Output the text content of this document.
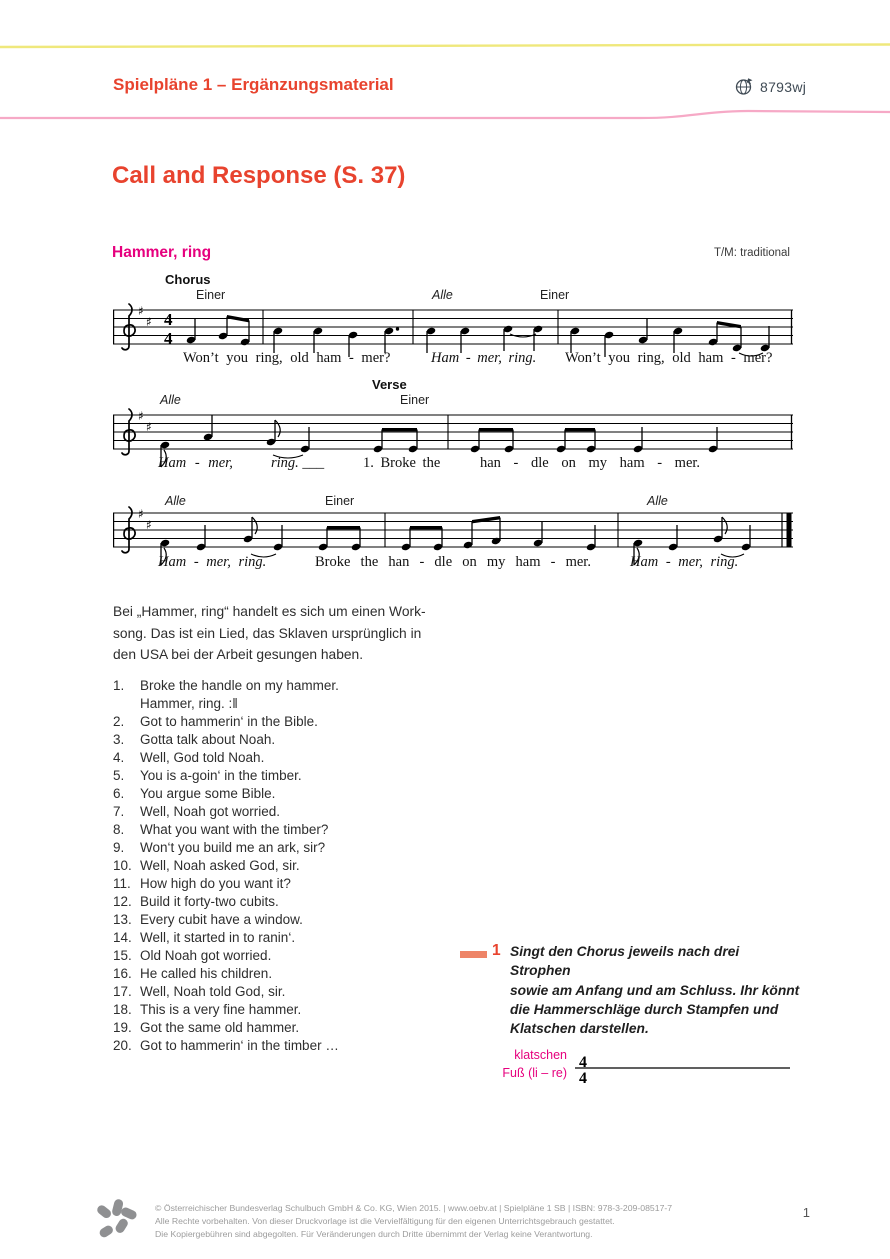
Spielpläne 1 – Ergänzungsmaterial	8793wj
Call and Response (S. 37)
Hammer, ring	T/M: traditional
Chorus
Einer	Alle	Einer
♯
♯ 4
4
Won’t you ring, old ham - mer?	Ham - mer, ring. Won’t you ring, old ham - mer?
Verse
Alle	Einer
♯
♯
Ham - mer,	ring. ___	1. Broke the	han - dle on my ham - mer.
Alle	Einer	Alle
♯
♯
Ham - mer, ring.	Broke the han - dle on my ham - mer.	Ham - mer, ring.
Bei „Hammer, ring“ handelt es sich um einen Work-
song. Das ist ein Lied, das Sklaven ursprünglich in
den USA bei der Arbeit gesungen haben.
1.	Broke the handle on my hammer.
Hammer, ring. :‖
2.	Got to hammerin‘ in the Bible.
3.	Gotta talk about Noah.
4.	Well, God told Noah.
5.	You is a-goin‘ in the timber.
6.	You argue some Bible.
7.	Well, Noah got worried.
8.	What you want with the timber?
9.	Won‘t you build me an ark, sir?
10. Well, Noah asked God, sir.
11. How high do you want it?
12. Build it forty-two cubits.
13. Every cubit have a window.
14. Well, it started in to ranin‘.
15. Old Noah got worried.
16. He called his children.
17. Well, Noah told God, sir.
18. This is a very fine hammer.
19. Got the same old hammer.
20. Got to hammerin‘ in the timber …
1 Singt den Chorus jeweils nach drei Strophen
sowie am Anfang und am Schluss. Ihr könnt
die Hammerschläge durch Stampfen und
Klatschen darstellen.
klatschen
Fuß (li – re)
4
4
© Österreichischer Bundesverlag Schulbuch GmbH & Co. KG, Wien 2015. | www.oebv.at | Spielpläne 1 SB | ISBN: 978-3-209-08517-7
Alle Rechte vorbehalten. Von dieser Druckvorlage ist die Vervielfältigung für den eigenen Unterrichtsgebrauch gestattet.
Die Kopiergebühren sind abgegolten. Für Veränderungen durch Dritte übernimmt der Verlag keine Verantwortung.
1
